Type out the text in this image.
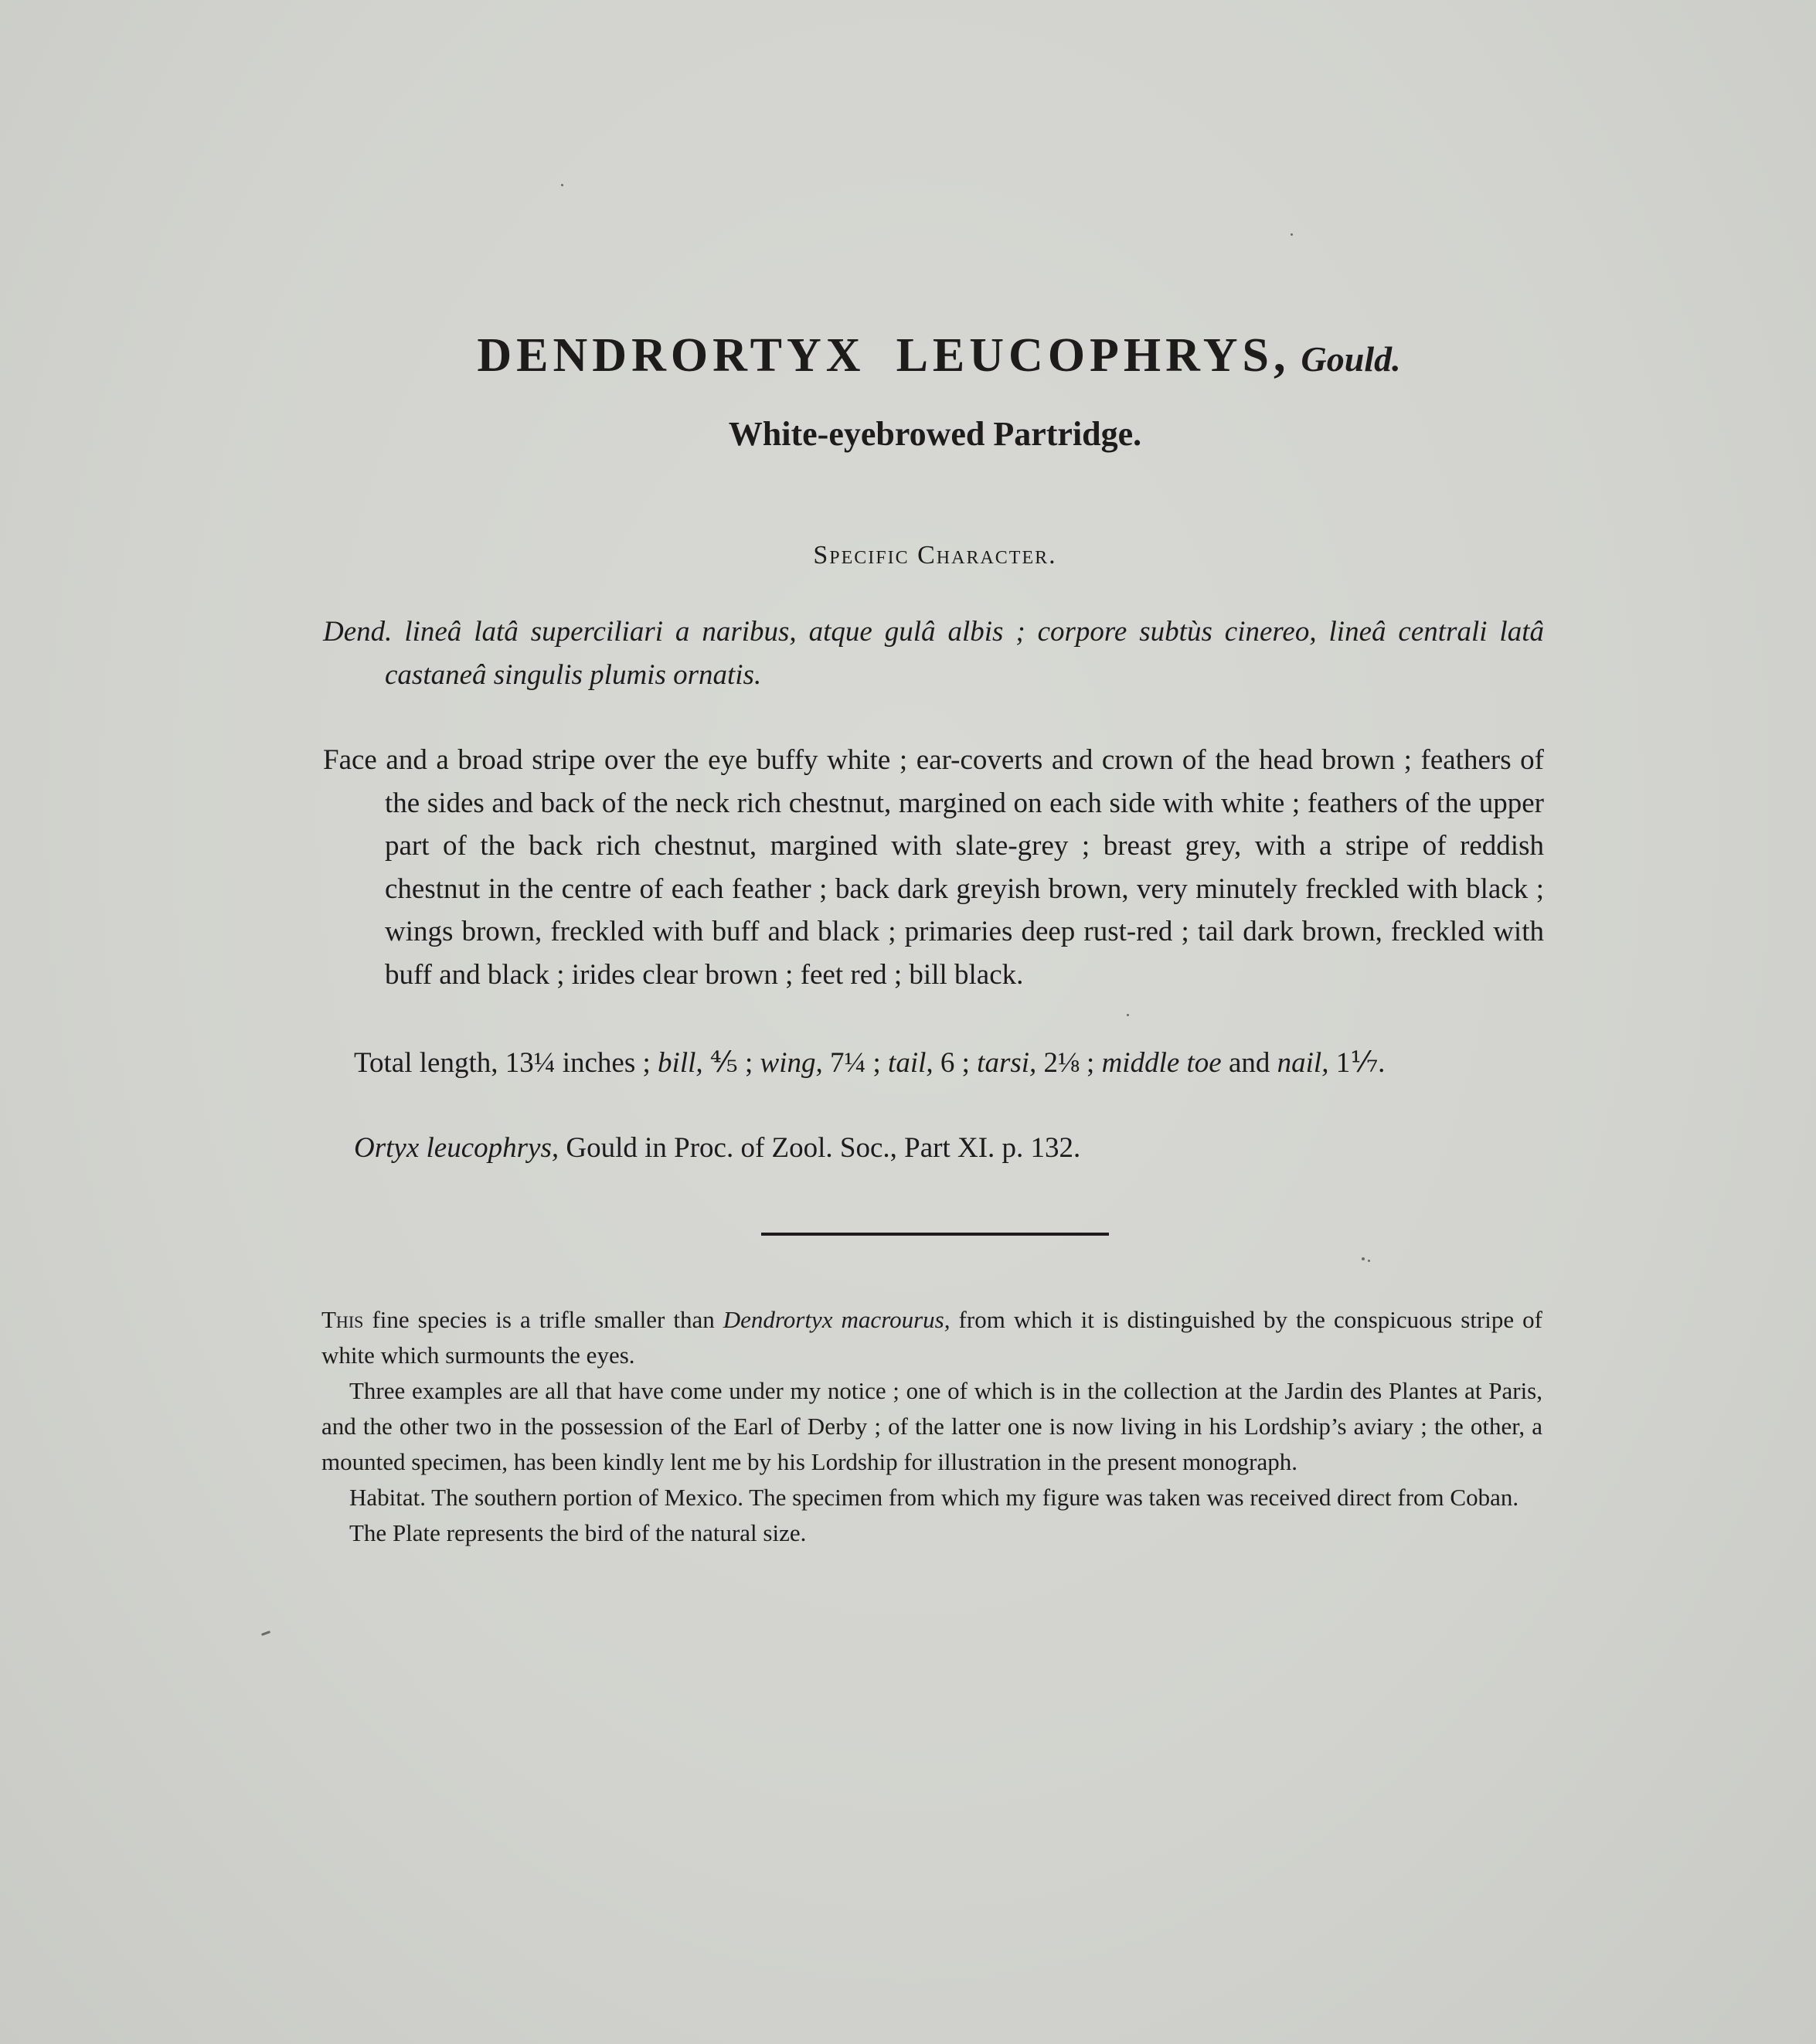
DENDRORTYX LEUCOPHRYS, Gould.
White-eyebrowed Partridge.
Specific Character.

Dend. lineâ latâ superciliari a naribus, atque gulâ albis ; corpore subtùs cinereo, lineâ centrali latâ castaneâ singulis plumis ornatis.

Face and a broad stripe over the eye buffy white ; ear-coverts and crown of the head brown ; feathers of the sides and back of the neck rich chestnut, margined on each side with white ; feathers of the upper part of the back rich chestnut, margined with slate-grey ; breast grey, with a stripe of reddish chestnut in the centre of each feather ; back dark greyish brown, very minutely freckled with black ; wings brown, freckled with buff and black ; primaries deep rust-red ; tail dark brown, freckled with buff and black ; irides clear brown ; feet red ; bill black.

Total length, 13¼ inches ; bill, ⅘ ; wing, 7¼ ; tail, 6 ; tarsi, 2⅛ ; middle toe and nail, 1⅐.
Ortyx leucophrys, Gould in Proc. of Zool. Soc., Part XI. p. 132.

This fine species is a trifle smaller than Dendrortyx macrourus, from which it is distinguished by the conspicuous stripe of white which surmounts the eyes.

Three examples are all that have come under my notice ; one of which is in the collection at the Jardin des Plantes at Paris, and the other two in the possession of the Earl of Derby ; of the latter one is now living in his Lordship’s aviary ; the other, a mounted specimen, has been kindly lent me by his Lordship for illustration in the present monograph.

Habitat. The southern portion of Mexico. The specimen from which my figure was taken was received direct from Coban.

The Plate represents the bird of the natural size.
